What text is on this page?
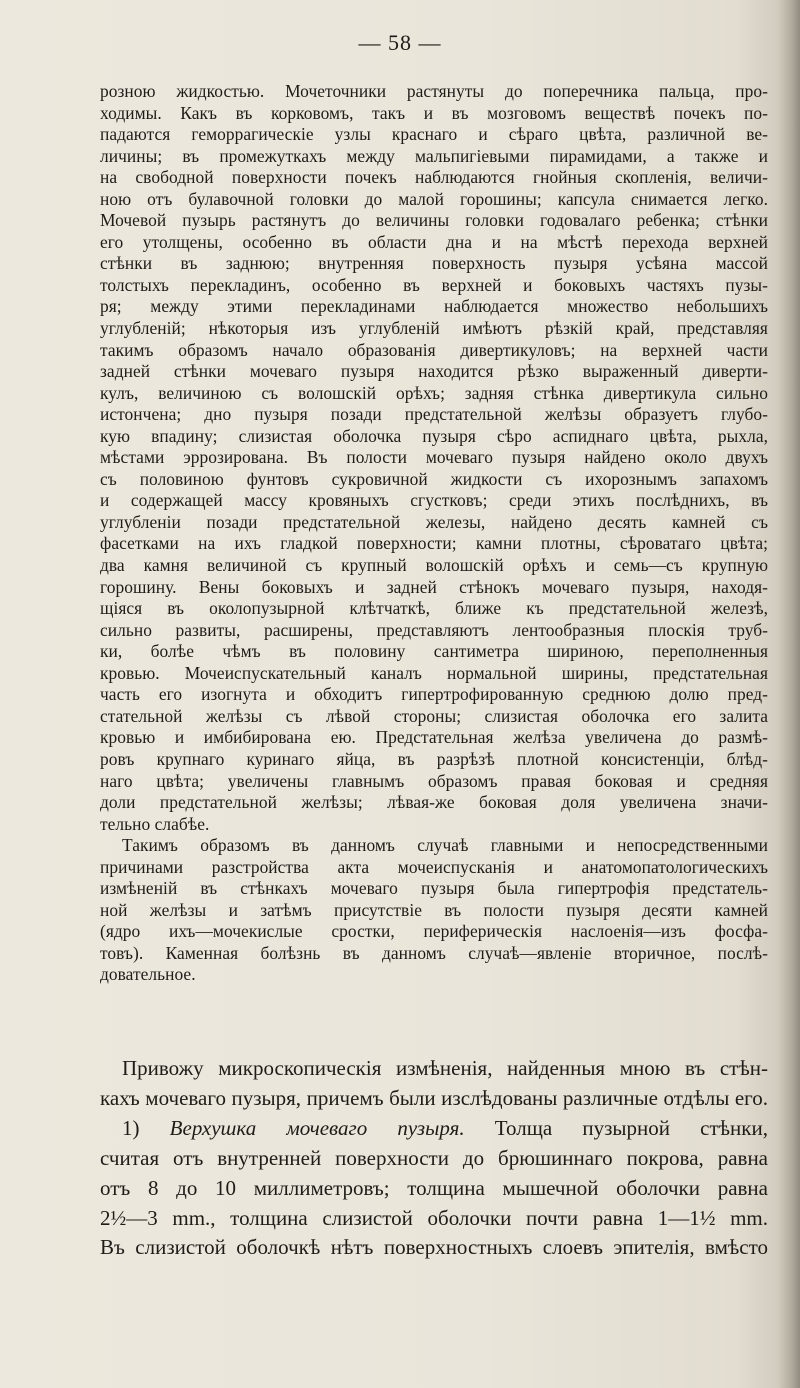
— 58 —
розною жидкостью. Мочеточники растянуты до поперечника пальца, про-
ходимы. Какъ въ корковомъ, такъ и въ мозговомъ веществѣ почекъ по-
падаются геморрагическіе узлы краснаго и сѣраго цвѣта, различной ве-
личины; въ промежуткахъ между мальпигіевыми пирамидами, а также и
на свободной поверхности почекъ наблюдаются гнойныя скопленія, величи-
ною отъ булавочной головки до малой горошины; капсула снимается легко.
Мочевой пузырь растянутъ до величины головки годовалаго ребенка; стѣнки
его утолщены, особенно въ области дна и на мѣстѣ перехода верхней
стѣнки въ заднюю; внутренняя поверхность пузыря усѣяна массой
толстыхъ перекладинъ, особенно въ верхней и боковыхъ частяхъ пузы-
ря; между этими перекладинами наблюдается множество небольшихъ
углубленій; нѣкоторыя изъ углубленій имѣютъ рѣзкій край, представляя
такимъ образомъ начало образованія дивертикуловъ; на верхней части
задней стѣнки мочеваго пузыря находится рѣзко выраженный диверти-
кулъ, величиною съ волошскій орѣхъ; задняя стѣнка дивертикула сильно
истончена; дно пузыря позади предстательной желѣзы образуетъ глубо-
кую впадину; слизистая оболочка пузыря сѣро аспиднаго цвѣта, рыхла,
мѣстами эррозирована. Въ полости мочеваго пузыря найдено около двухъ
съ половиною фунтовъ сукровичной жидкости съ ихорознымъ запахомъ
и содержащей массу кровяныхъ сгустковъ; среди этихъ послѣднихъ, въ
углубленіи позади предстательной железы, найдено десять камней съ
фасетками на ихъ гладкой поверхности; камни плотны, сѣроватаго цвѣта;
два камня величиной съ крупный волошскій орѣхъ и семь—съ крупную
горошину. Вены боковыхъ и задней стѣнокъ мочеваго пузыря, находя-
щіяся въ околопузырной клѣтчаткѣ, ближе къ предстательной железѣ,
сильно развиты, расширены, представляютъ лентообразныя плоскія труб-
ки, болѣе чѣмъ въ половину сантиметра шириною, переполненныя
кровью. Мочеиспускательный каналъ нормальной ширины, предстательная
часть его изогнута и обходитъ гипертрофированную среднюю долю пред-
стательной желѣзы съ лѣвой стороны; слизистая оболочка его залита
кровью и имбибирована ею. Предстательная желѣза увеличена до размѣ-
ровъ крупнаго куринаго яйца, въ разрѣзѣ плотной консистенціи, блѣд-
наго цвѣта; увеличены главнымъ образомъ правая боковая и средняя
доли предстательной желѣзы; лѣвая-же боковая доля увеличена значи-
тельно слабѣе.
Такимъ образомъ въ данномъ случаѣ главными и непосредственными
причинами разстройства акта мочеиспусканія и анатомопатологическихъ
измѣненій въ стѣнкахъ мочеваго пузыря была гипертрофія предстатель-
ной желѣзы и затѣмъ присутствіе въ полости пузыря десяти камней
(ядро ихъ—мочекислые сростки, периферическія наслоенія—изъ фосфа-
товъ). Каменная болѣзнь въ данномъ случаѣ—явленіе вторичное, послѣ-
довательное.
Привожу микроскопическія измѣненія, найденныя мною въ стѣн-
кахъ мочеваго пузыря, причемъ были изслѣдованы различные отдѣлы его.
1) Верхушка мочеваго пузыря. Толща пузырной стѣнки,
считая отъ внутренней поверхности до брюшиннаго покрова, равна
отъ 8 до 10 миллиметровъ; толщина мышечной оболочки равна
2½—3 mm., толщина слизистой оболочки почти равна 1—1½ mm.
Въ слизистой оболочкѣ нѣтъ поверхностныхъ слоевъ эпителія, вмѣсто
